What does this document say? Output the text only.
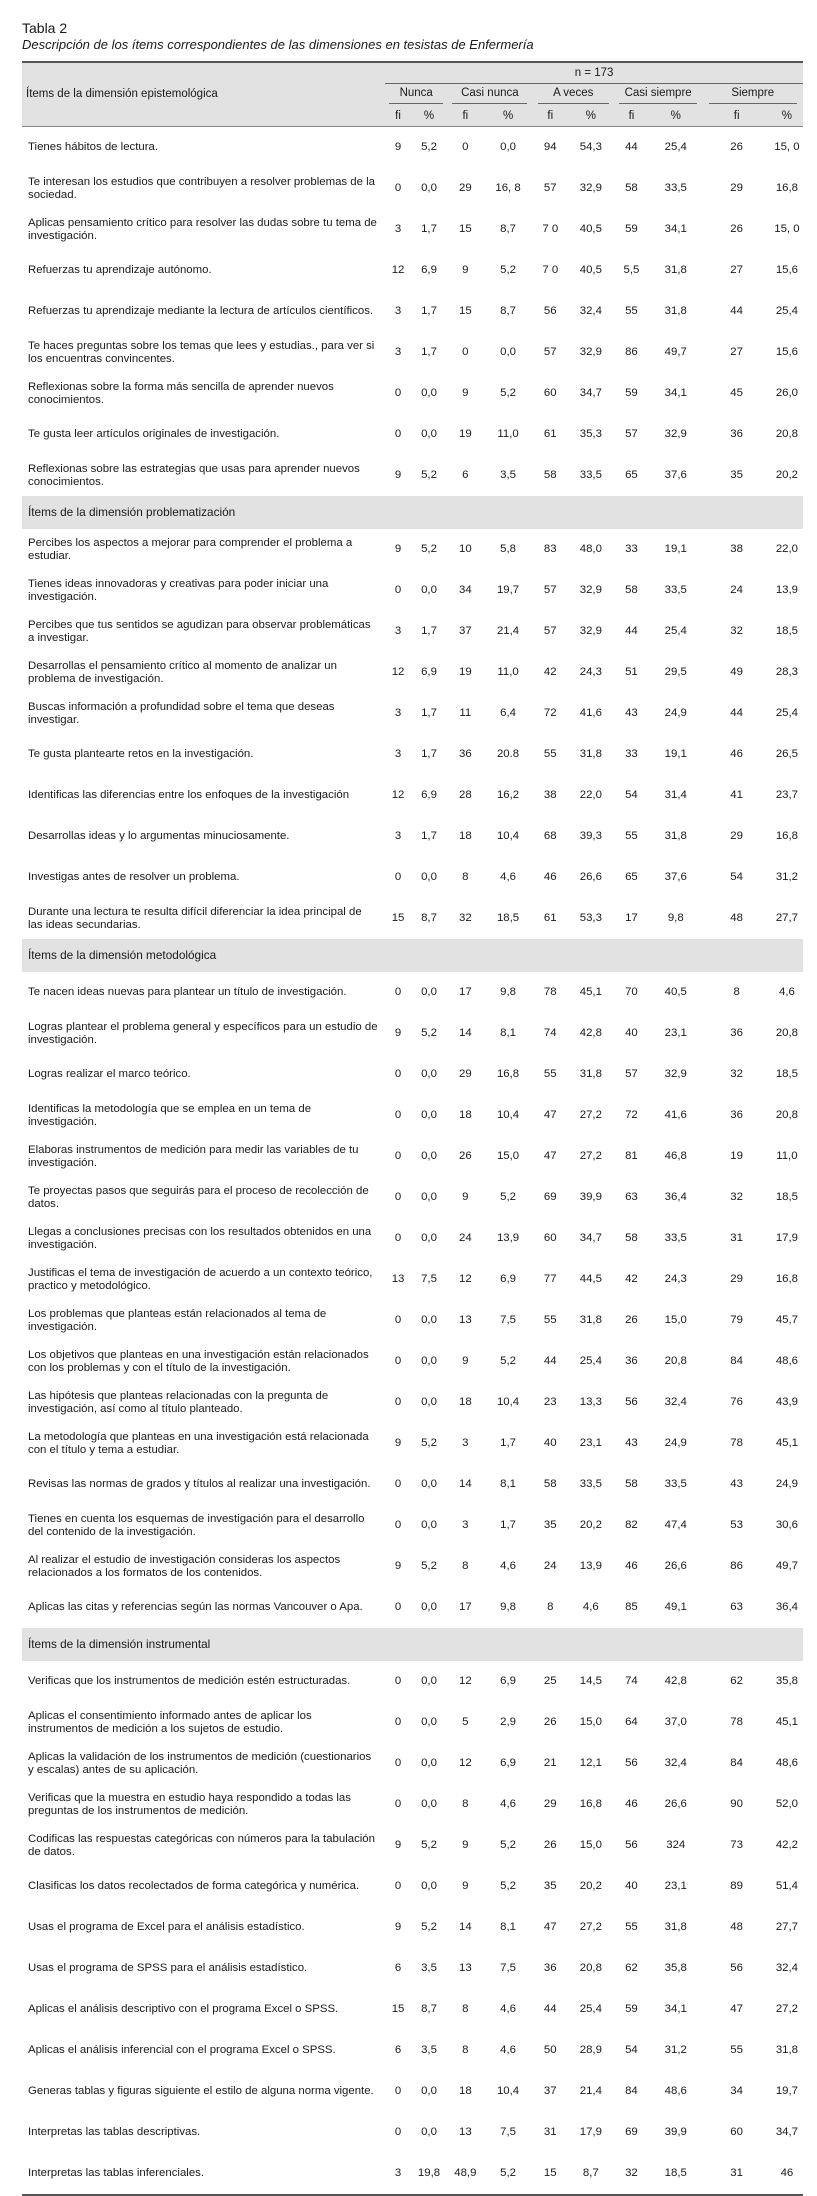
Tabla 2
Descripción de los ítems correspondientes de las dimensiones en tesistas de Enfermería
Ítems de la dimensión epistemológica	n = 173									
	Nunca		Casi nunca		A veces		Casi siempre		Siempre	
	fi	%	fi	%	fi	%	fi	%	fi	%
Tienes hábitos de lectura.	9	5,2	0	0,0	94	54,3	44	25,4	26	15, 0
Te interesan los estudios que contribuyen a resolver problemas de la sociedad.	0	0,0	29	16, 8	57	32,9	58	33,5	29	16,8
Aplicas pensamiento crítico para resolver las dudas sobre tu tema de investigación.	3	1,7	15	8,7	7 0	40,5	59	34,1	26	15, 0
Refuerzas tu aprendizaje autónomo.	12	6,9	9	5,2	7 0	40,5	5,5	31,8	27	15,6
Refuerzas tu aprendizaje mediante la lectura de artículos científicos.	3	1,7	15	8,7	56	32,4	55	31,8	44	25,4
Te haces preguntas sobre los temas que lees y estudias., para ver si los encuentras convincentes.	3	1,7	0	0,0	57	32,9	86	49,7	27	15,6
Reflexionas sobre la forma más sencilla de aprender nuevos conocimientos.	0	0,0	9	5,2	60	34,7	59	34,1	45	26,0
Te gusta leer artículos originales de investigación.	0	0,0	19	11,0	61	35,3	57	32,9	36	20,8
Reflexionas sobre las estrategias que usas para aprender nuevos conocimientos.	9	5,2	6	3,5	58	33,5	65	37,6	35	20,2
Ítems de la dimensión problematización										
Percibes los aspectos a mejorar para comprender el problema a estudiar.	9	5,2	10	5,8	83	48,0	33	19,1	38	22,0
Tienes ideas innovadoras y creativas para poder iniciar una investigación.	0	0,0	34	19,7	57	32,9	58	33,5	24	13,9
Percibes que tus sentidos se agudizan para observar problemáticas a investigar.	3	1,7	37	21,4	57	32,9	44	25,4	32	18,5
Desarrollas el pensamiento crítico al momento de analizar un problema de investigación.	12	6,9	19	11,0	42	24,3	51	29,5	49	28,3
Buscas información a profundidad sobre el tema que deseas investigar.	3	1,7	11	6,4	72	41,6	43	24,9	44	25,4
Te gusta plantearte retos en la investigación.	3	1,7	36	20.8	55	31,8	33	19,1	46	26,5
Identificas las diferencias entre los enfoques de la investigación	12	6,9	28	16,2	38	22,0	54	31,4	41	23,7
Desarrollas ideas y lo argumentas minuciosamente.	3	1,7	18	10,4	68	39,3	55	31,8	29	16,8
Investigas antes de resolver un problema.	0	0,0	8	4,6	46	26,6	65	37,6	54	31,2
Durante una lectura te resulta difícil diferenciar la idea principal de las ideas secundarias.	15	8,7	32	18,5	61	53,3	17	9,8	48	27,7
Ítems de la dimensión metodológica										
Te nacen ideas nuevas para plantear un título de investigación.	0	0,0	17	9,8	78	45,1	70	40,5	8	4,6
Logras plantear el problema general y específicos para un estudio de investigación.	9	5,2	14	8,1	74	42,8	40	23,1	36	20,8
Logras realizar el marco teórico.	0	0,0	29	16,8	55	31,8	57	32,9	32	18,5
Identificas la metodología que se emplea en un tema de investigación.	0	0,0	18	10,4	47	27,2	72	41,6	36	20,8
Elaboras instrumentos de medición para medir las variables de tu investigación.	0	0,0	26	15,0	47	27,2	81	46,8	19	11,0
Te proyectas pasos que seguirás para el proceso de recolección de datos.	0	0,0	9	5,2	69	39,9	63	36,4	32	18,5
Llegas a conclusiones precisas con los resultados obtenidos en una investigación.	0	0,0	24	13,9	60	34,7	58	33,5	31	17,9
Justificas el tema de investigación de acuerdo a un contexto teórico, practico y metodológico.	13	7,5	12	6,9	77	44,5	42	24,3	29	16,8
Los problemas que planteas están relacionados al tema de investigación.	0	0,0	13	7,5	55	31,8	26	15,0	79	45,7
Los objetivos que planteas en una investigación están relacionados con los problemas y con el título de la investigación.	0	0,0	9	5,2	44	25,4	36	20,8	84	48,6
Las hipótesis que planteas relacionadas con la pregunta de investigación, así como al título planteado.	0	0,0	18	10,4	23	13,3	56	32,4	76	43,9
La metodología que planteas en una investigación está relacionada con el título y tema a estudiar.	9	5,2	3	1,7	40	23,1	43	24,9	78	45,1
Revisas las normas de grados y títulos al realizar una investigación.	0	0,0	14	8,1	58	33,5	58	33,5	43	24,9
Tienes en cuenta los esquemas de investigación para el desarrollo del contenido de la investigación.	0	0,0	3	1,7	35	20,2	82	47,4	53	30,6
Al realizar el estudio de investigación consideras los aspectos relacionados a los formatos de los contenidos.	9	5,2	8	4,6	24	13,9	46	26,6	86	49,7
Aplicas las citas y referencias según las normas Vancouver o Apa.	0	0,0	17	9,8	8	4,6	85	49,1	63	36,4
Ítems de la dimensión instrumental										
Verificas que los instrumentos de medición estén estructuradas.	0	0,0	12	6,9	25	14,5	74	42,8	62	35,8
Aplicas el consentimiento informado antes de aplicar los instrumentos de medición a los sujetos de estudio.	0	0,0	5	2,9	26	15,0	64	37,0	78	45,1
Aplicas la validación de los instrumentos de medición (cuestionarios y escalas) antes de su aplicación.	0	0,0	12	6,9	21	12,1	56	32,4	84	48,6
Verificas que la muestra en estudio haya respondido a todas las preguntas de los instrumentos de medición.	0	0,0	8	4,6	29	16,8	46	26,6	90	52,0
Codificas las respuestas categóricas con números para la tabulación de datos.	9	5,2	9	5,2	26	15,0	56	324	73	42,2
Clasificas los datos recolectados de forma categórica y numérica.	0	0,0	9	5,2	35	20,2	40	23,1	89	51,4
Usas el programa de Excel para el análisis estadístico.	9	5,2	14	8,1	47	27,2	55	31,8	48	27,7
Usas el programa de SPSS para el análisis estadístico.	6	3,5	13	7,5	36	20,8	62	35,8	56	32,4
Aplicas el análisis descriptivo con el programa Excel o SPSS.	15	8,7	8	4,6	44	25,4	59	34,1	47	27,2
Aplicas el análisis inferencial con el programa Excel o SPSS.	6	3,5	8	4,6	50	28,9	54	31,2	55	31,8
Generas tablas y figuras siguiente el estilo de alguna norma vigente.	0	0,0	18	10,4	37	21,4	84	48,6	34	19,7
Interpretas las tablas descriptivas.	0	0,0	13	7,5	31	17,9	69	39,9	60	34,7
Interpretas las tablas inferenciales.	3	19,8	48,9	5,2	15	8,7	32	18,5	31	46
